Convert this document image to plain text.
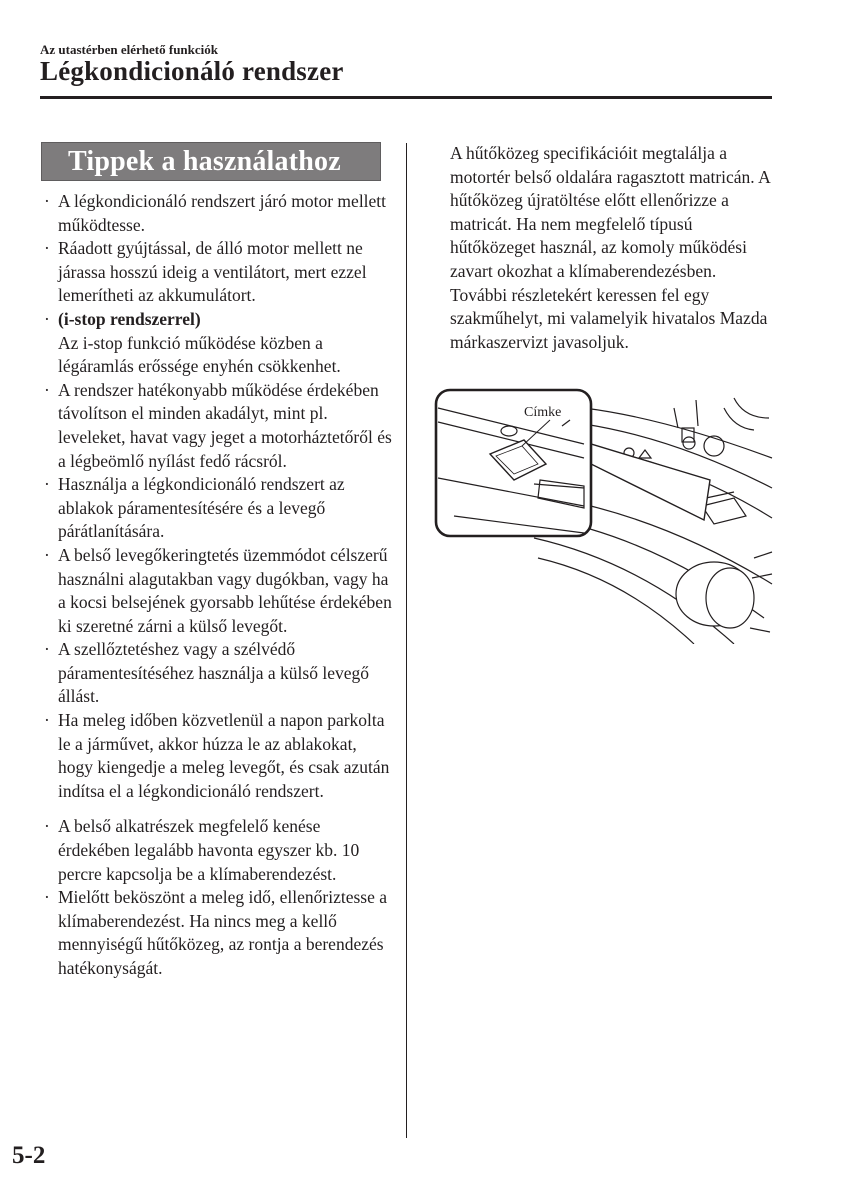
Az utastérben elérhető funkciók
Légkondicionáló rendszer
Tippek a használathoz
· A légkondicionáló rendszert járó motor mellett működtesse.
· Ráadott gyújtással, de álló motor mellett ne járassa hosszú ideig a ventilátort, mert ezzel lemerítheti az akkumulátort.
· (i-stop rendszerrel)
Az i-stop funkció működése közben a légáramlás erőssége enyhén csökkenhet.
· A rendszer hatékonyabb működése érdekében távolítson el minden akadályt, mint pl. leveleket, havat vagy jeget a motorháztetőről és a légbeömlő nyílást fedő rácsról.
· Használja a légkondicionáló rendszert az ablakok páramentesítésére és a levegő párátlanítására.
· A belső levegőkeringtetés üzemmódot célszerű használni alagutakban vagy dugókban, vagy ha a kocsi belsejének gyorsabb lehűtése érdekében ki szeretné zárni a külső levegőt.
· A szellőztetéshez vagy a szélvédő páramentesítéséhez használja a külső levegő állást.
· Ha meleg időben közvetlenül a napon parkolta le a járművet, akkor húzza le az ablakokat, hogy kiengedje a meleg levegőt, és csak azután indítsa el a légkondicionáló rendszert.
· A belső alkatrészek megfelelő kenése érdekében legalább havonta egyszer kb. 10 percre kapcsolja be a klímaberendezést.
· Mielőtt beköszönt a meleg idő, ellenőriztesse a klímaberendezést. Ha nincs meg a kellő mennyiségű hűtőközeg, az rontja a berendezés hatékonyságát.

A hűtőközeg specifikációit megtalálja a motortér belső oldalára ragasztott matricán. A hűtőközeg újratöltése előtt ellenőrizze a matricát. Ha nem megfelelő típusú hűtőközeget használ, az komoly működési zavart okozhat a klímaberendezésben.

További részletekért keressen fel egy szakműhelyt, mi valamelyik hivatalos Mazda márkaszervizt javasoljuk.

Címke
5-2
